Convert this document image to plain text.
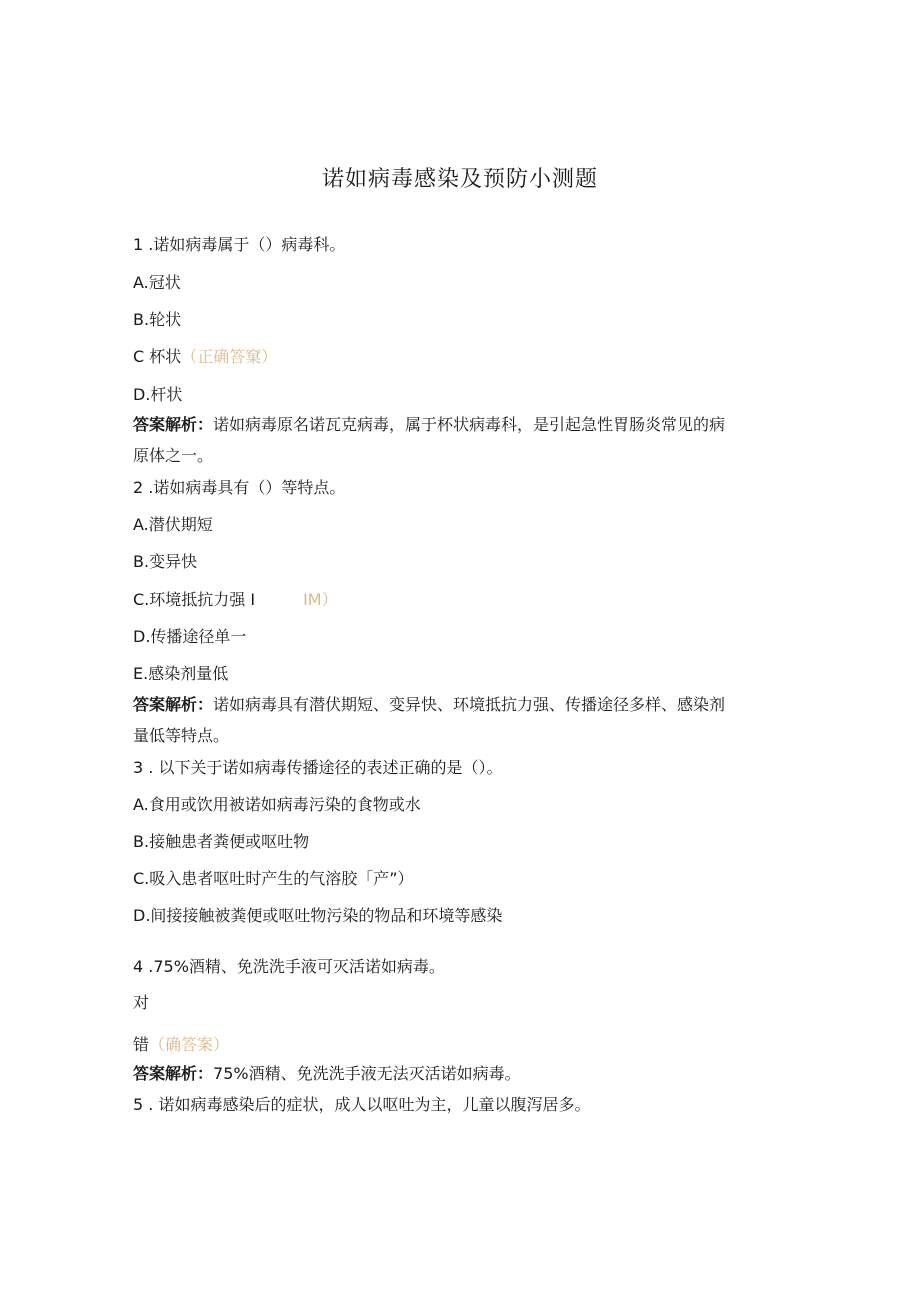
诺如病毒感染及预防小测题
1 .诺如病毒属于（）病毒科。
A.冠状
B.轮状
C 杯状（正确答窠）
D.杆状
答案解析：诺如病毒原名诺瓦克病毒，属于杯状病毒科，是引起急性胃肠炎常见的病
原体之一。
2 .诺如病毒具有（）等特点。
A.潜伏期短
B.变异快
C.环境抵抗力强 I	IM）
D.传播途径单一
E.感染剂量低
答案解析：诺如病毒具有潜伏期短、变异快、环境抵抗力强、传播途径多样、感染剂
量低等特点。
3 . 以下关于诺如病毒传播途径的表述正确的是（）。
A.食用或饮用被诺如病毒污染的食物或水
B.接触患者粪便或呕吐物
C.吸入患者呕吐时产生的气溶胶「产”）
D.间接接触被粪便或呕吐物污染的物品和环境等感染
4 .75%酒精、免洗洗手液可灭活诺如病毒。
对
错（确答案）
答案解析：75%酒精、免洗洗手液无法灭活诺如病毒。
5 . 诺如病毒感染后的症状，成人以呕吐为主，儿童以腹泻居多。
